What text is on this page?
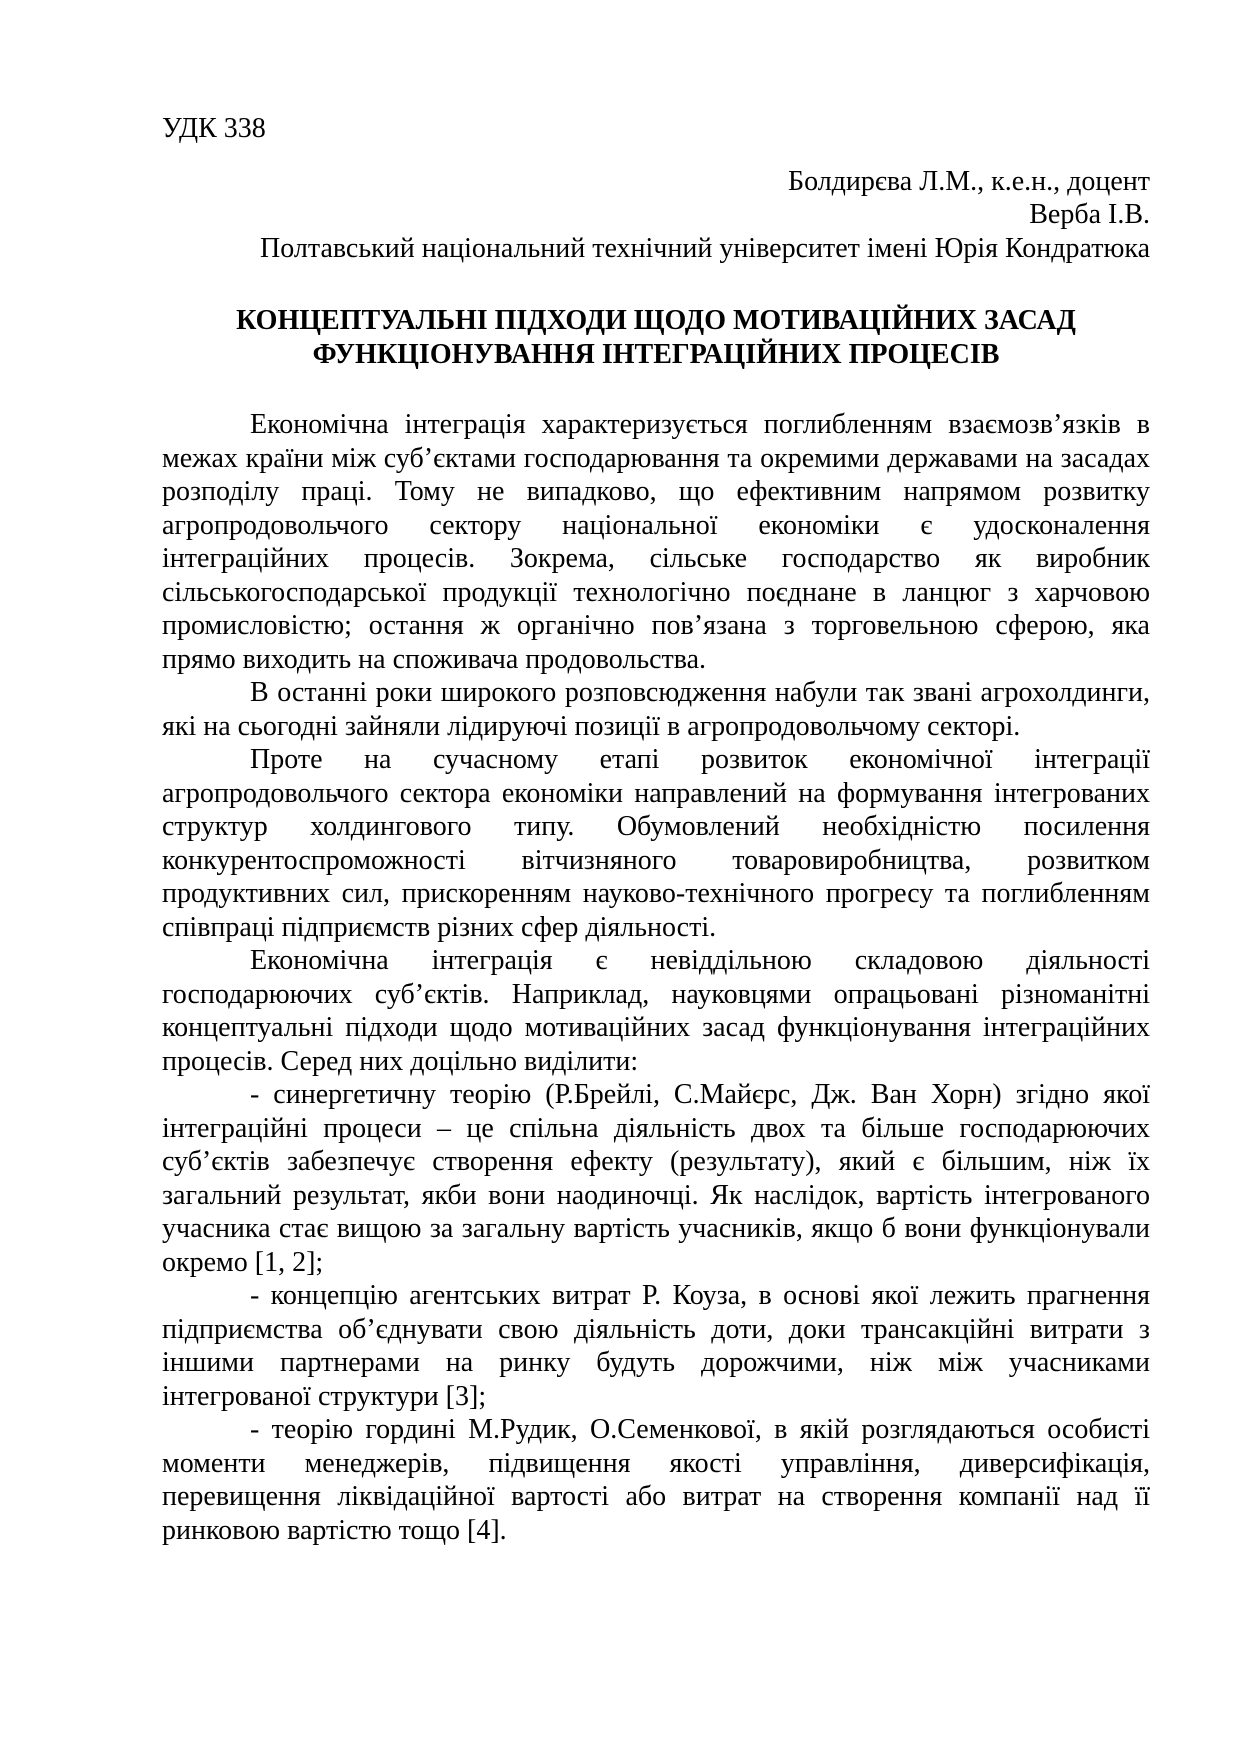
УДК 338
Болдирєва Л.М., к.е.н., доцент
Верба І.В.
Полтавський національний технічний університет імені Юрія Кондратюка
КОНЦЕПТУАЛЬНІ ПІДХОДИ ЩОДО МОТИВАЦІЙНИХ ЗАСАД ФУНКЦІОНУВАННЯ ІНТЕГРАЦІЙНИХ ПРОЦЕСІВ

Економічна інтеграція характеризується поглибленням взаємозв’язків в межах країни між суб’єктами господарювання та окремими державами на засадах розподілу праці. Тому не випадково, що ефективним напрямом розвитку агропродовольчого сектору національної економіки є удосконалення інтеграційних процесів. Зокрема, сільське господарство як виробник сільськогосподарської продукції технологічно поєднане в ланцюг з харчовою промисловістю; остання ж органічно пов’язана з торговельною сферою, яка прямо виходить на споживача продовольства.

В останні роки широкого розповсюдження набули так звані агрохолдинги, які на сьогодні зайняли лідируючі позиції в агропродовольчому секторі.

Проте на сучасному етапі розвиток економічної інтеграції агропродовольчого сектора економіки направлений на формування інтегрованих структур холдингового типу. Обумовлений необхідністю посилення конкурентоспроможності вітчизняного товаровиробництва, розвитком продуктивних сил, прискоренням науково-технічного прогресу та поглибленням співпраці підприємств різних сфер діяльності.

Економічна інтеграція є невіддільною складовою діяльності господарюючих суб’єктів. Наприклад, науковцями опрацьовані різноманітні концептуальні підходи щодо мотиваційних засад функціонування інтеграційних процесів. Серед них доцільно виділити:

- синергетичну теорію (Р.Брейлі, С.Майєрс, Дж. Ван Хорн) згідно якої інтеграційні процеси – це спільна діяльність двох та більше господарюючих суб’єктів забезпечує створення ефекту (результату), який є більшим, ніж їх загальний результат, якби вони наодиночці. Як наслідок, вартість інтегрованого учасника стає вищою за загальну вартість учасників, якщо б вони функціонували окремо [1, 2];

- концепцію агентських витрат Р. Коуза, в основі якої лежить прагнення підприємства об’єднувати свою діяльність доти, доки трансакційні витрати з іншими партнерами на ринку будуть дорожчими, ніж між учасниками інтегрованої структури [3];

- теорію гордині М.Рудик, О.Семенкової, в якій розглядаються особисті моменти менеджерів, підвищення якості управління, диверсифікація, перевищення ліквідаційної вартості або витрат на створення компанії над її ринковою вартістю тощо [4].
